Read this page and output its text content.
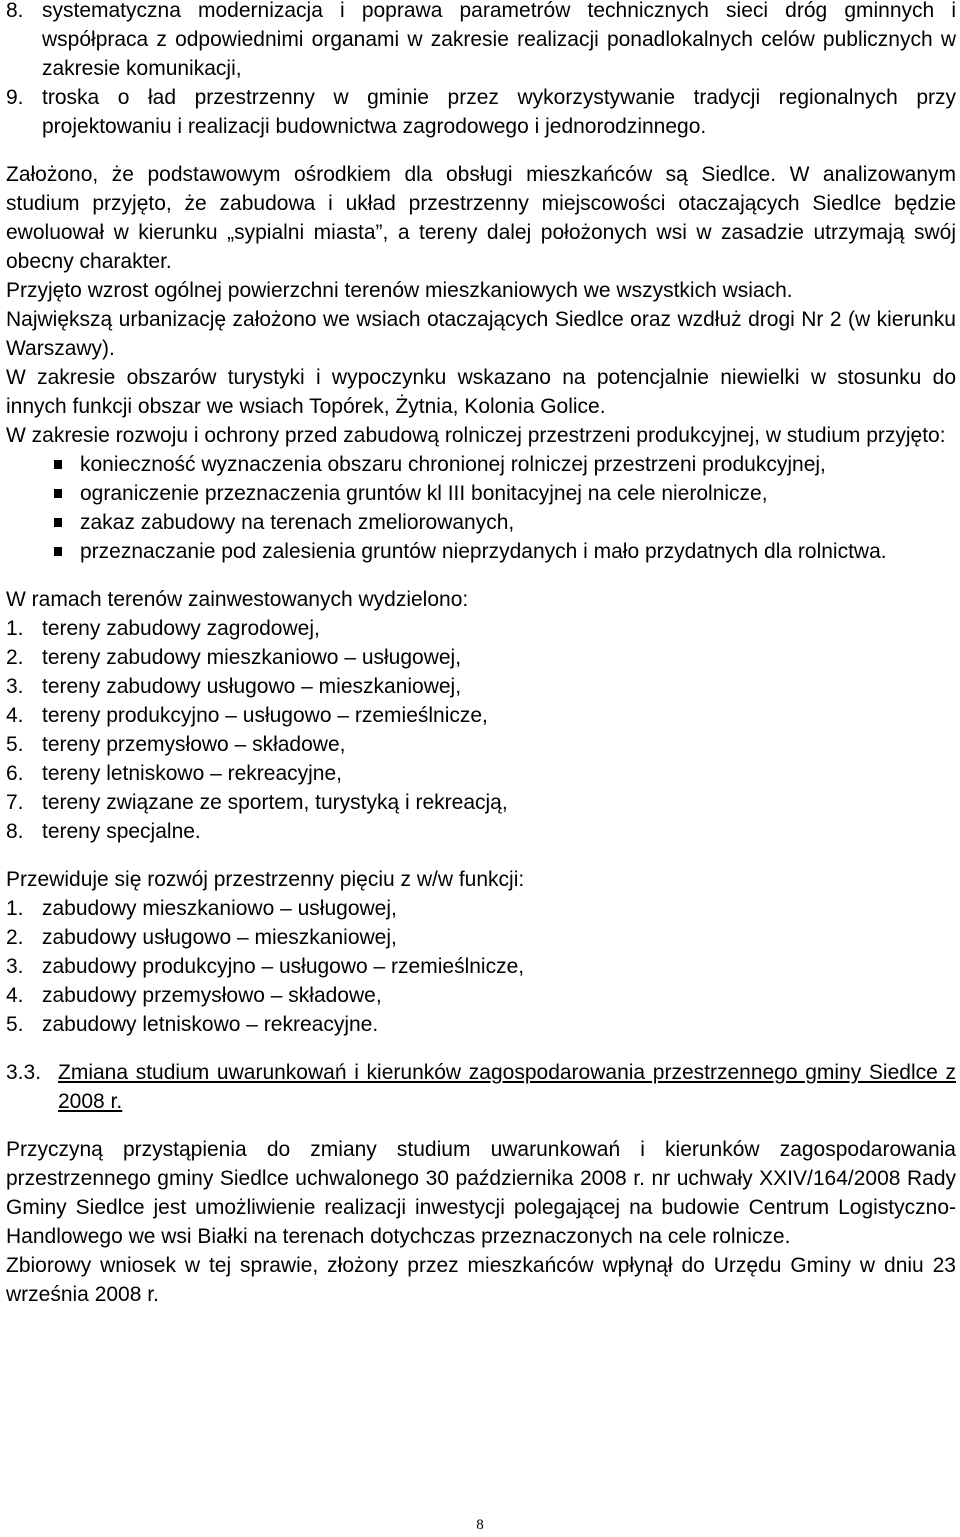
8. systematyczna modernizacja i poprawa parametrów technicznych sieci dróg gminnych i współpraca z odpowiednimi organami w zakresie realizacji ponadlokalnych celów publicznych w zakresie komunikacji,
9. troska o ład przestrzenny w gminie przez wykorzystywanie tradycji regionalnych przy projektowaniu i realizacji budownictwa zagrodowego i jednorodzinnego.

Założono, że podstawowym ośrodkiem dla obsługi mieszkańców są Siedlce. W analizowanym studium przyjęto, że zabudowa i układ przestrzenny miejscowości otaczających Siedlce będzie ewoluował w kierunku „sypialni miasta”, a tereny dalej położonych wsi w zasadzie utrzymają swój obecny charakter.

Przyjęto wzrost ogólnej powierzchni terenów mieszkaniowych we wszystkich wsiach.

Największą urbanizację założono we wsiach otaczających Siedlce oraz wzdłuż drogi Nr 2 (w kierunku Warszawy).

W zakresie obszarów turystyki i wypoczynku wskazano na potencjalnie niewielki w stosunku do innych funkcji obszar we wsiach Topórek, Żytnia, Kolonia Golice.

W zakresie rozwoju i ochrony przed zabudową rolniczej przestrzeni produkcyjnej, w studium przyjęto:

konieczność wyznaczenia obszaru chronionej rolniczej przestrzeni produkcyjnej,
ograniczenie przeznaczenia gruntów kl III bonitacyjnej na cele nierolnicze,
zakaz zabudowy na terenach zmeliorowanych,
przeznaczanie pod zalesienia gruntów nieprzydanych i mało przydatnych dla rolnictwa.

W ramach terenów zainwestowanych wydzielono:

1. tereny zabudowy zagrodowej,
2. tereny zabudowy mieszkaniowo – usługowej,
3. tereny zabudowy usługowo – mieszkaniowej,
4. tereny produkcyjno – usługowo – rzemieślnicze,
5. tereny przemysłowo – składowe,
6. tereny letniskowo – rekreacyjne,
7. tereny związane ze sportem, turystyką i rekreacją,
8. tereny specjalne.

Przewiduje się rozwój przestrzenny pięciu z w/w funkcji:

1. zabudowy mieszkaniowo – usługowej,
2. zabudowy usługowo – mieszkaniowej,
3. zabudowy produkcyjno – usługowo – rzemieślnicze,
4. zabudowy przemysłowo – składowe,
5. zabudowy letniskowo – rekreacyjne.
3.3. Zmiana studium uwarunkowań i kierunków zagospodarowania przestrzennego gminy Siedlce z 2008 r.

Przyczyną przystąpienia do zmiany studium uwarunkowań i kierunków zagospodarowania przestrzennego gminy Siedlce uchwalonego 30 października 2008 r. nr uchwały XXIV/164/2008 Rady Gminy Siedlce jest umożliwienie realizacji inwestycji polegającej na budowie Centrum Logistyczno-Handlowego we wsi Białki na terenach dotychczas przeznaczonych na cele rolnicze.

Zbiorowy wniosek w tej sprawie, złożony przez mieszkańców wpłynął do Urzędu Gminy w dniu 23 września 2008 r.

8
